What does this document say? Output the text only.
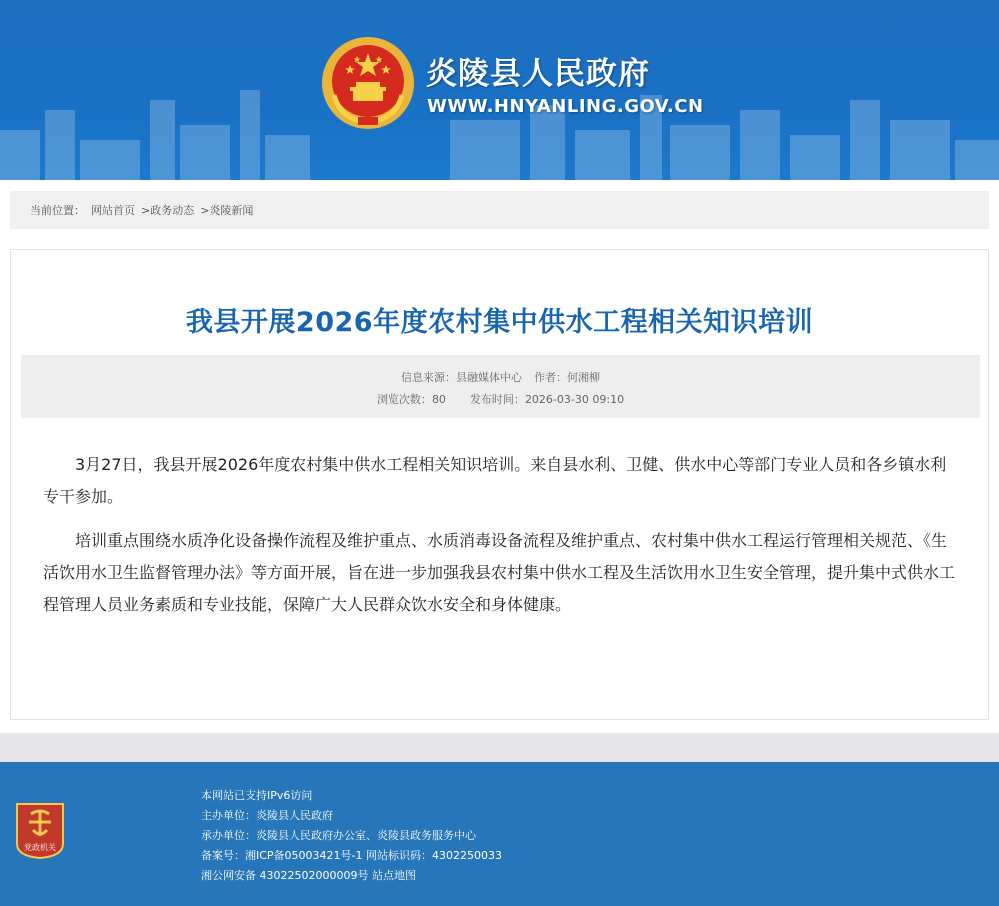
炎陵县人民政府
WWW.HNYANLING.GOV.CN
当前位置： 网站首页 >政务动态 >炎陵新闻
我县开展2026年度农村集中供水工程相关知识培训
信息来源：县融媒体中心 作者：何湘柳
浏览次数：80 发布时间：2026-03-30 09:10

3月27日，我县开展2026年度农村集中供水工程相关知识培训。来自县水利、卫健、供水中心等部门专业人员和各乡镇水利专干参加。

培训重点围绕水质净化设备操作流程及维护重点、水质消毒设备流程及维护重点、农村集中供水工程运行管理相关规范、《生活饮用水卫生监督管理办法》等方面开展，旨在进一步加强我县农村集中供水工程及生活饮用水卫生安全管理，提升集中式供水工程管理人员业务素质和专业技能，保障广大人民群众饮水安全和身体健康。

党政机关
本网站已支持IPv6访问
主办单位：炎陵县人民政府
承办单位：炎陵县人民政府办公室、炎陵县政务服务中心
备案号：湘ICP备05003421号-1 网站标识码：4302250033
湘公网安备 43022502000009号 站点地图
